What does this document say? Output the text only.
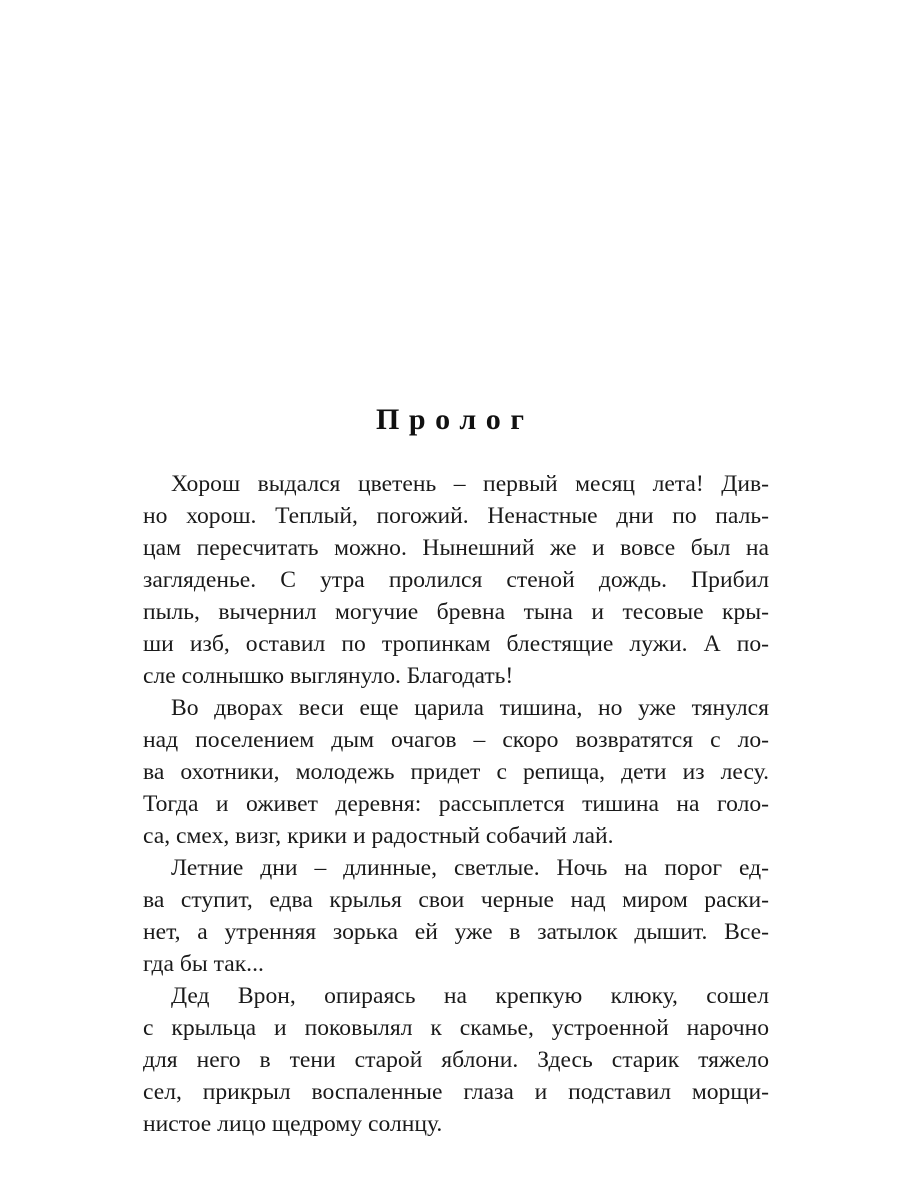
Пролог
Хорош выдался цветень – первый месяц лета! Див-
но хорош. Теплый, погожий. Ненастные дни по паль-
цам пересчитать можно. Нынешний же и вовсе был на
загляденье. С утра пролился стеной дождь. Прибил
пыль, вычернил могучие бревна тына и тесовые кры-
ши изб, оставил по тропинкам блестящие лужи. А по-
сле солнышко выглянуло. Благодать!
Во дворах веси еще царила тишина, но уже тянулся
над поселением дым очагов – скоро возвратятся с ло-
ва охотники, молодежь придет с репища, дети из лесу.
Тогда и оживет деревня: рассыплется тишина на голо-
са, смех, визг, крики и радостный собачий лай.
Летние дни – длинные, светлые. Ночь на порог ед-
ва ступит, едва крылья свои черные над миром раски-
нет, а утренняя зорька ей уже в затылок дышит. Все-
гда бы так...
Дед Врон, опираясь на крепкую клюку, сошел
с крыльца и поковылял к скамье, устроенной нарочно
для него в тени старой яблони. Здесь старик тяжело
сел, прикрыл воспаленные глаза и подставил морщи-
нистое лицо щедрому солнцу.
